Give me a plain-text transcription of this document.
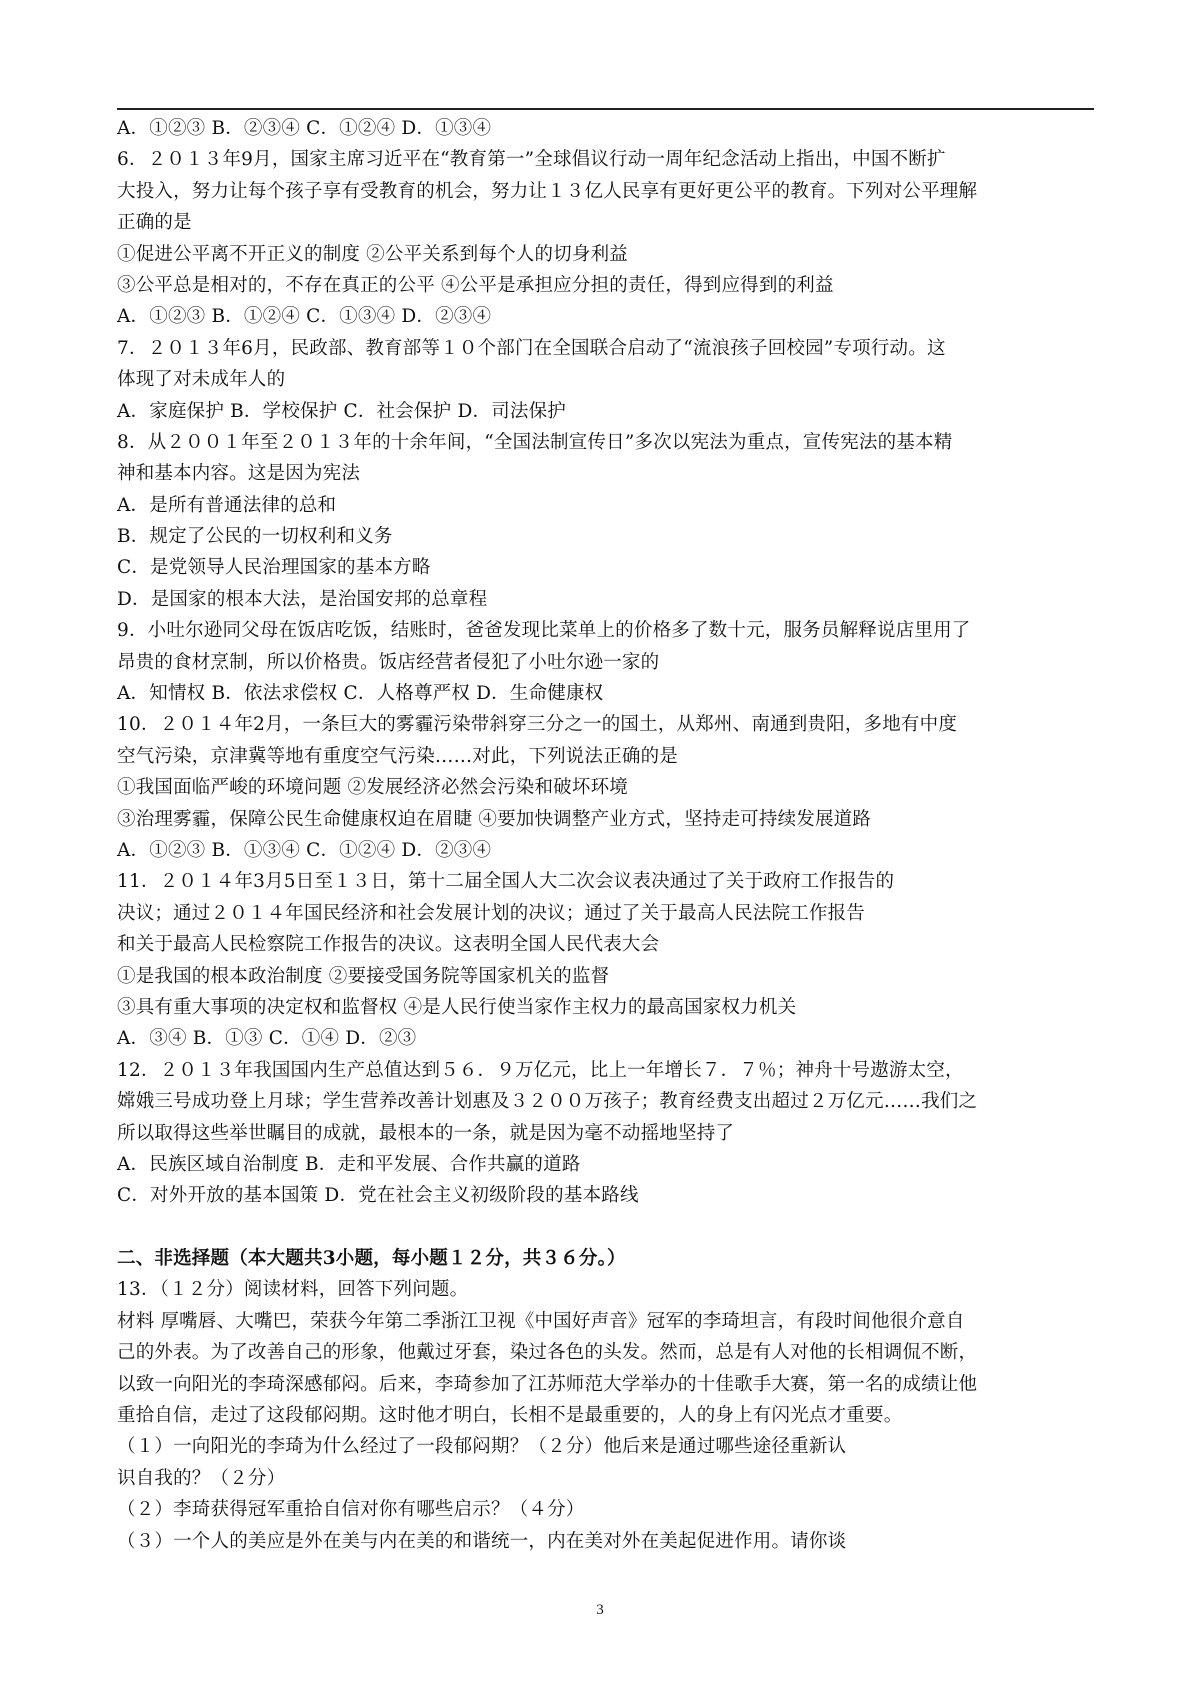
A．①②③ B．②③④ C．①②④ D．①③④
6．２０１３年9月，国家主席习近平在“教育第一”全球倡议行动一周年纪念活动上指出，中国不断扩
大投入，努力让每个孩子享有受教育的机会，努力让１３亿人民享有更好更公平的教育。下列对公平理解
正确的是
①促进公平离不开正义的制度 ②公平关系到每个人的切身利益
③公平总是相对的，不存在真正的公平 ④公平是承担应分担的责任，得到应得到的利益
A．①②③ B．①②④ C．①③④ D．②③④
7．２０１３年6月，民政部、教育部等１０个部门在全国联合启动了“流浪孩子回校园”专项行动。这
体现了对未成年人的
A．家庭保护 B．学校保护 C．社会保护 D．司法保护
8．从２００１年至２０１３年的十余年间，“全国法制宣传日”多次以宪法为重点，宣传宪法的基本精
神和基本内容。这是因为宪法
A．是所有普通法律的总和
B．规定了公民的一切权利和义务
C．是党领导人民治理国家的基本方略
D．是国家的根本大法，是治国安邦的总章程
9．小吐尔逊同父母在饭店吃饭，结账时，爸爸发现比菜单上的价格多了数十元，服务员解释说店里用了
昂贵的食材烹制，所以价格贵。饭店经营者侵犯了小吐尔逊一家的
A．知情权 B．依法求偿权 C．人格尊严权 D．生命健康权
10．２０１４年2月，一条巨大的雾霾污染带斜穿三分之一的国土，从郑州、南通到贵阳，多地有中度
空气污染，京津冀等地有重度空气污染……对此，下列说法正确的是
①我国面临严峻的环境问题 ②发展经济必然会污染和破坏环境
③治理雾霾，保障公民生命健康权迫在眉睫 ④要加快调整产业方式，坚持走可持续发展道路
A．①②③ B．①③④ C．①②④ D．②③④
11．２０１４年3月5日至１３日，第十二届全国人大二次会议表决通过了关于政府工作报告的
决议；通过２０１４年国民经济和社会发展计划的决议；通过了关于最高人民法院工作报告
和关于最高人民检察院工作报告的决议。这表明全国人民代表大会
①是我国的根本政治制度 ②要接受国务院等国家机关的监督
③具有重大事项的决定权和监督权 ④是人民行使当家作主权力的最高国家权力机关
A．③④ B．①③ C．①④ D．②③
12．２０１３年我国国内生产总值达到５６．９万亿元，比上一年增长７．７％；神舟十号遨游太空，
嫦娥三号成功登上月球；学生营养改善计划惠及３２００万孩子；教育经费支出超过２万亿元……我们之
所以取得这些举世瞩目的成就，最根本的一条，就是因为毫不动摇地坚持了
A．民族区域自治制度 B．走和平发展、合作共赢的道路
C．对外开放的基本国策 D．党在社会主义初级阶段的基本路线
二、非选择题（本大题共3小题，每小题１２分，共３６分。）
13．（１２分）阅读材料，回答下列问题。
材料 厚嘴唇、大嘴巴，荣获今年第二季浙江卫视《中国好声音》冠军的李琦坦言，有段时间他很介意自
己的外表。为了改善自己的形象，他戴过牙套，染过各色的头发。然而，总是有人对他的长相调侃不断，
以致一向阳光的李琦深感郁闷。后来，李琦参加了江苏师范大学举办的十佳歌手大赛，第一名的成绩让他
重拾自信，走过了这段郁闷期。这时他才明白，长相不是最重要的，人的身上有闪光点才重要。
（１）一向阳光的李琦为什么经过了一段郁闷期？（２分）他后来是通过哪些途径重新认
识自我的？（２分）
（２）李琦获得冠军重拾自信对你有哪些启示？（４分）
（３）一个人的美应是外在美与内在美的和谐统一，内在美对外在美起促进作用。请你谈
3
